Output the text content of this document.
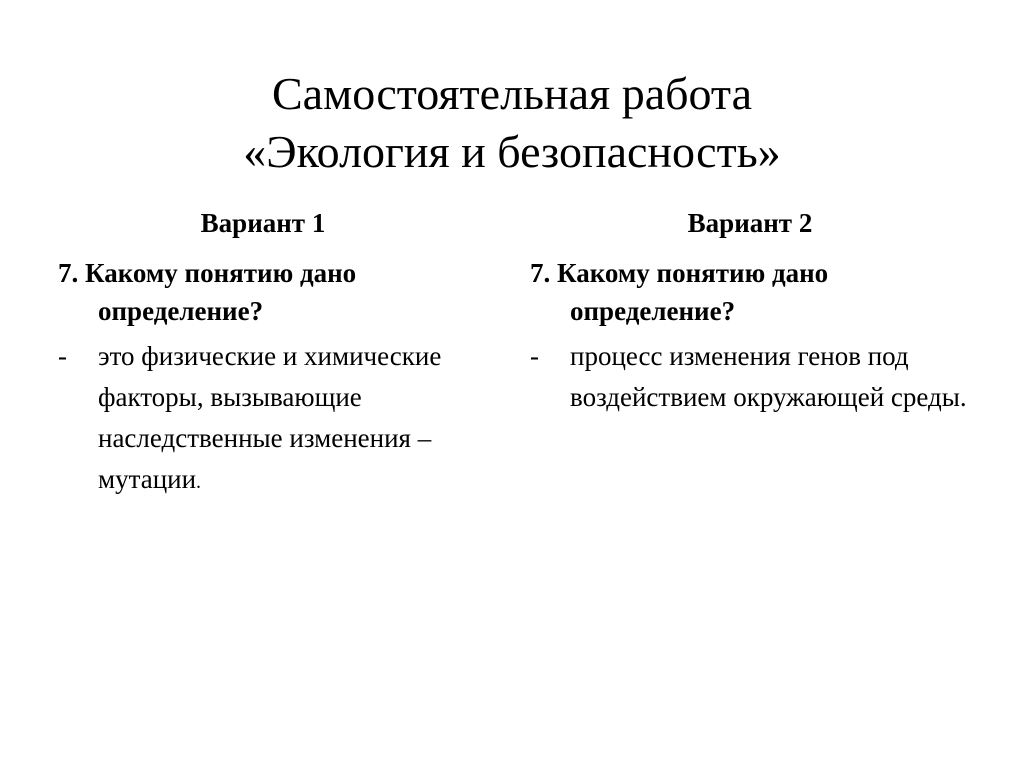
Самостоятельная работа
«Экология и безопасность»
Вариант 1

7. Какому понятию дано определение?

- это физические и химические факторы, вызывающие наследственные изменения – мутации.

Вариант 2

7. Какому понятию дано определение?

- процесс изменения генов под воздействием окружающей среды.
